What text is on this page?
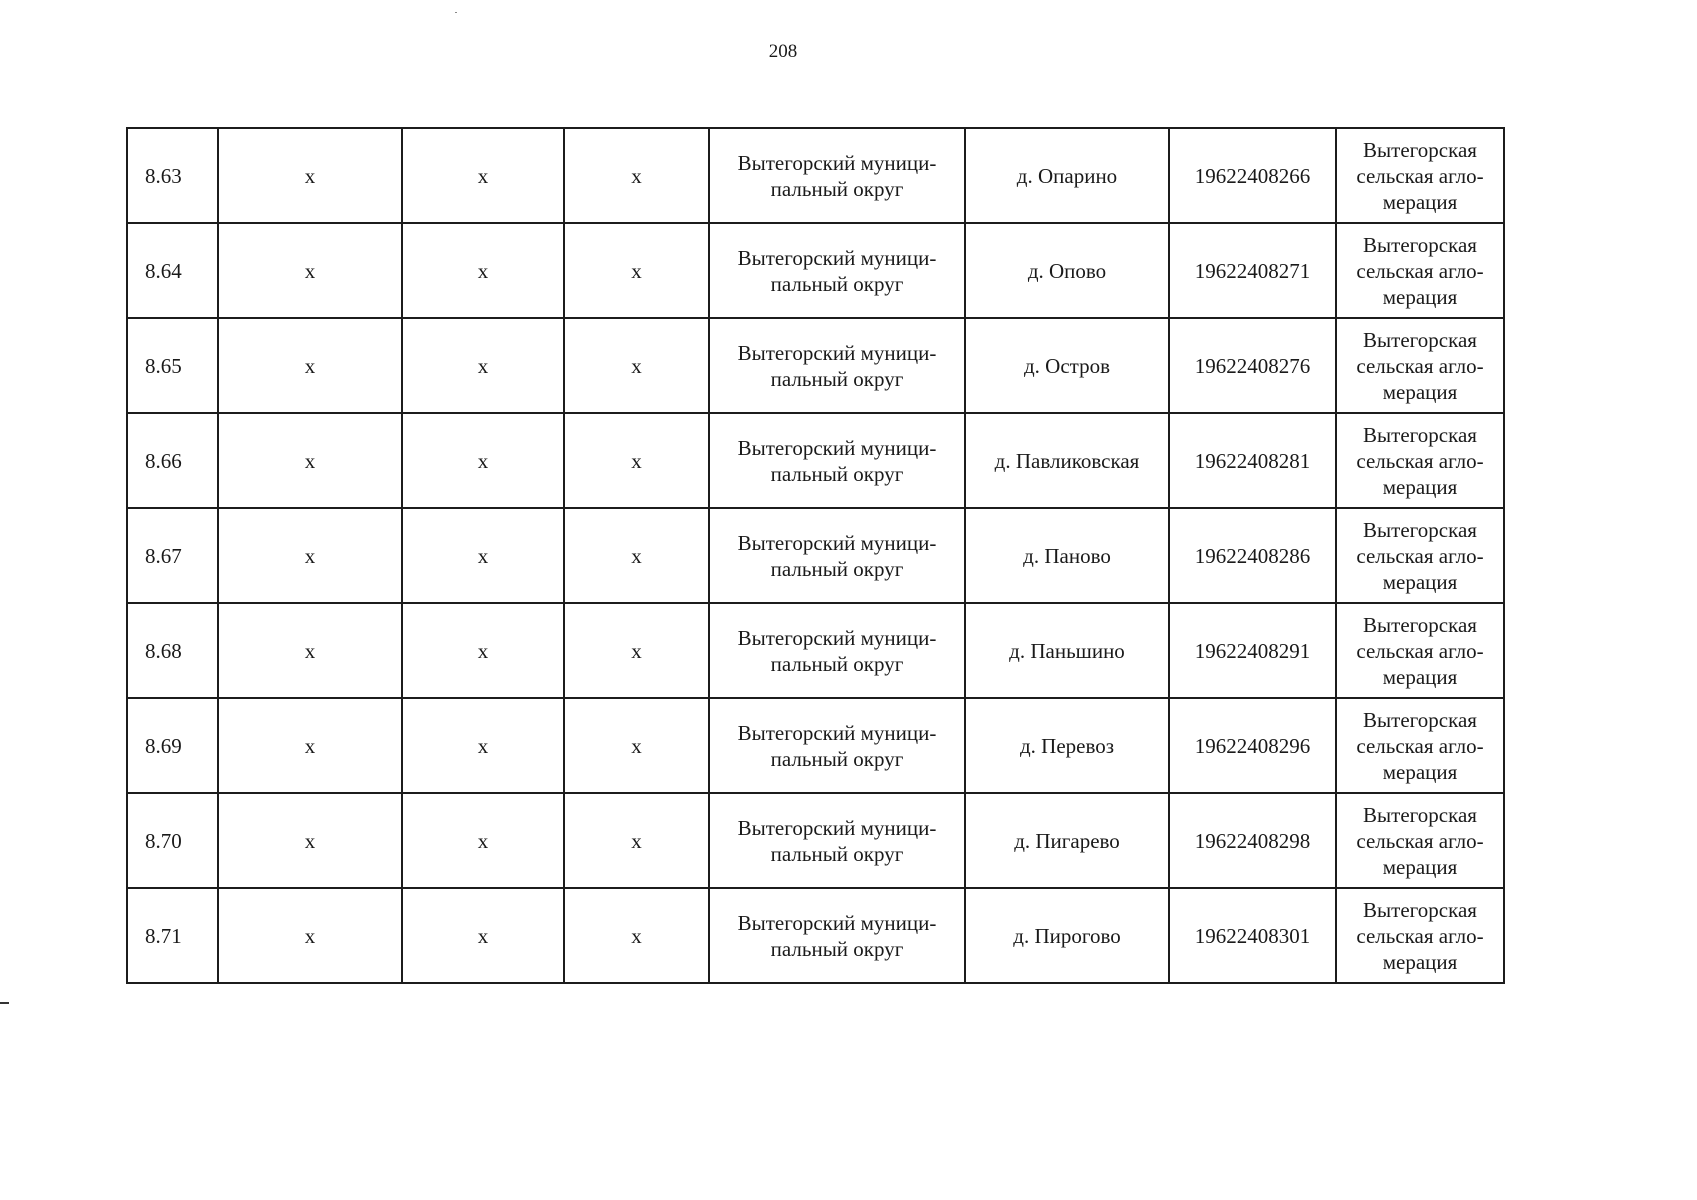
208
8.63	х	х	х	Вытегорский муници-
пальный округ	д. Опарино	19622408266	Вытегорская
сельская агло-
мерация

8.64	х	х	х	Вытегорский муници-
пальный округ	д. Опово	19622408271	Вытегорская
сельская агло-
мерация

8.65	х	х	х	Вытегорский муници-
пальный округ	д. Остров	19622408276	Вытегорская
сельская агло-
мерация

8.66	х	х	х	Вытегорский муници-
пальный округ	д. Павликовская	19622408281	Вытегорская
сельская агло-
мерация

8.67	х	х	х	Вытегорский муници-
пальный округ	д. Паново	19622408286	Вытегорская
сельская агло-
мерация

8.68	х	х	х	Вытегорский муници-
пальный округ	д. Паньшино	19622408291	Вытегорская
сельская агло-
мерация

8.69	х	х	х	Вытегорский муници-
пальный округ	д. Перевоз	19622408296	Вытегорская
сельская агло-
мерация

8.70	х	х	х	Вытегорский муници-
пальный округ	д. Пигарево	19622408298	Вытегорская
сельская агло-
мерация

8.71	х	х	х	Вытегорский муници-
пальный округ	д. Пирогово	19622408301	Вытегорская
сельская агло-
мерация
